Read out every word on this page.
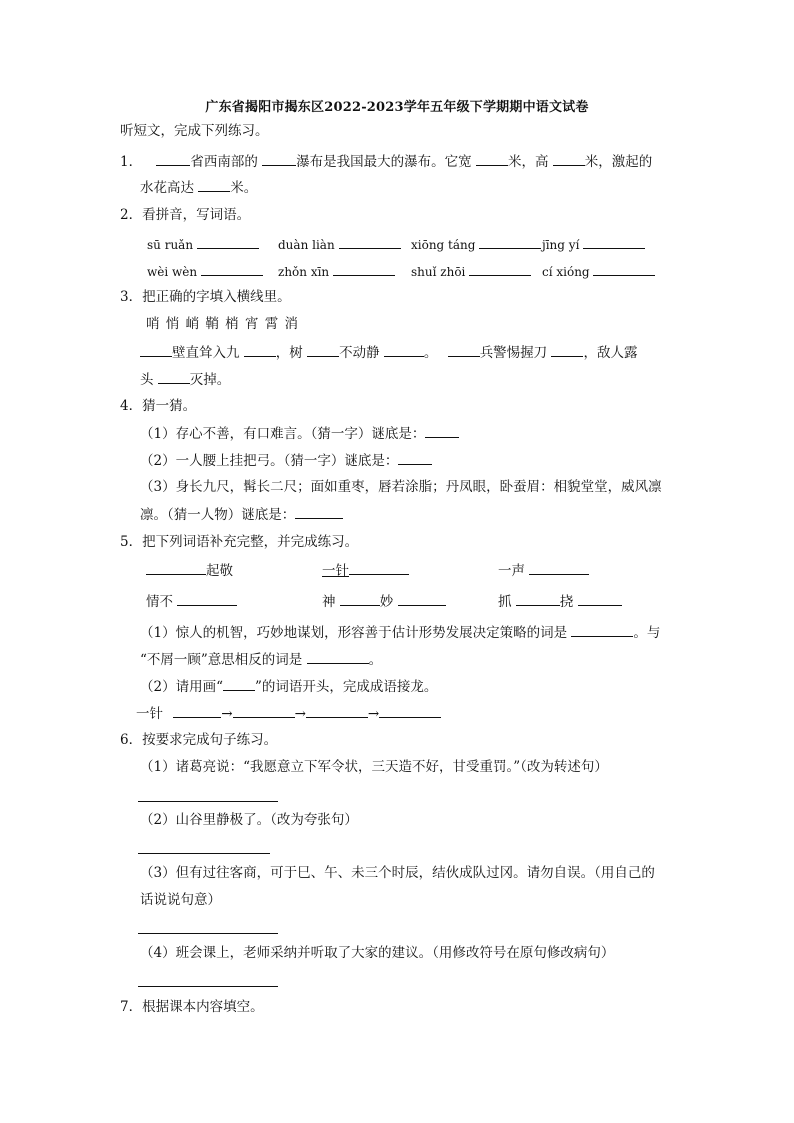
广东省揭阳市揭东区2022-2023学年五年级下学期期中语文试卷
听短文，完成下列练习。
1．	省西南部的	瀑布是我国最大的瀑布。它宽	米，高	米，激起的
水花高达	米。
2．看拼音，写词语。
sū ruǎn	duàn liàn	xiōng táng	jīng yí
wèi wèn	zhǒn xīn	shuǐ zhōi	cí xióng
3．把正确的字填入横线里。
哨 悄 峭 鞘 梢 宵 霄 消
壁直耸入九	，树	不动静	。	兵警惕握刀	，敌人露
头	灭掉。
4．猜一猜。
（1）存心不善，有口难言。（猜一字）谜底是：
（2）一人腰上挂把弓。（猜一字）谜底是：
（3）身长九尺，髯长二尺；面如重枣，唇若涂脂；丹凤眼，卧蚕眉：相貌堂堂，威风凛
凛。（猜一人物）谜底是：
5．把下列词语补充完整，并完成练习。
起敬	一针	一声
情不	神	妙	抓	挠
（1）惊人的机智，巧妙地谋划，形容善于估计形势发展决定策略的词是	。与
“不屑一顾”意思相反的词是	。
（2）请用画“ ”的词语开头，完成成语接龙。
一针	→	→	→
6．按要求完成句子练习。
（1）诸葛亮说：“我愿意立下军令状，三天造不好，甘受重罚。”（改为转述句）
（2）山谷里静极了。（改为夸张句）
（3）但有过往客商，可于巳、午、未三个时辰，结伙成队过冈。请勿自误。（用自己的
话说说句意）
（4）班会课上，老师采纳并听取了大家的建议。（用修改符号在原句修改病句）
7．根据课本内容填空。
